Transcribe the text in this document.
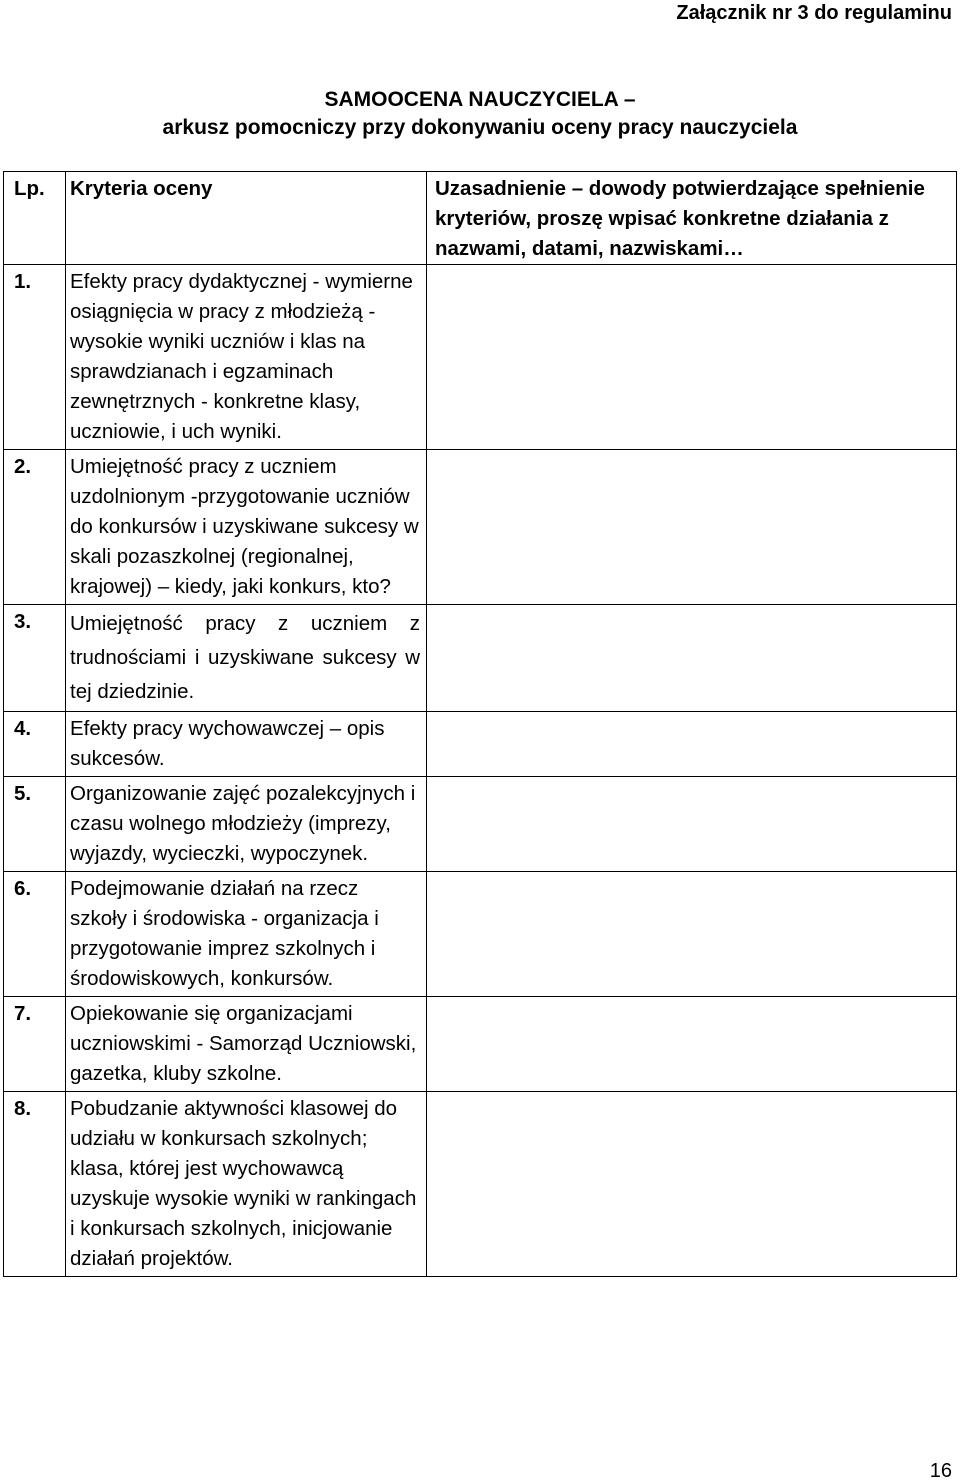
Załącznik nr 3 do regulaminu
SAMOOCENA NAUCZYCIELA –
arkusz pomocniczy przy dokonywaniu oceny pracy nauczyciela
Lp.	Kryteria oceny	Uzasadnienie – dowody potwierdzające spełnienie kryteriów, proszę wpisać konkretne działania z nazwami, datami, nazwiskami…
1.	Efekty pracy dydaktycznej - wymierne osiągnięcia w pracy z młodzieżą - wysokie wyniki uczniów i klas na sprawdzianach i egzaminach zewnętrznych - konkretne klasy, uczniowie, i uch wyniki.	
2.	Umiejętność pracy z uczniem uzdolnionym -przygotowanie uczniów do konkursów i uzyskiwane sukcesy w skali pozaszkolnej (regionalnej, krajowej) – kiedy, jaki konkurs, kto?	
3.	Umiejętność pracy z uczniem z trudnościami i uzyskiwane sukcesy w tej dziedzinie.	
4.	Efekty pracy wychowawczej – opis sukcesów.	
5.	Organizowanie zajęć pozalekcyjnych i czasu wolnego młodzieży (imprezy, wyjazdy, wycieczki, wypoczynek.	
6.	Podejmowanie działań na rzecz szkoły i środowiska - organizacja i przygotowanie imprez szkolnych i środowiskowych, konkursów.	
7.	Opiekowanie się organizacjami uczniowskimi - Samorząd Uczniowski, gazetka, kluby szkolne.	
8.	Pobudzanie aktywności klasowej do udziału w konkursach szkolnych; klasa, której jest wychowawcą uzyskuje wysokie wyniki w rankingach i konkursach szkolnych, inicjowanie działań projektów.	
16
